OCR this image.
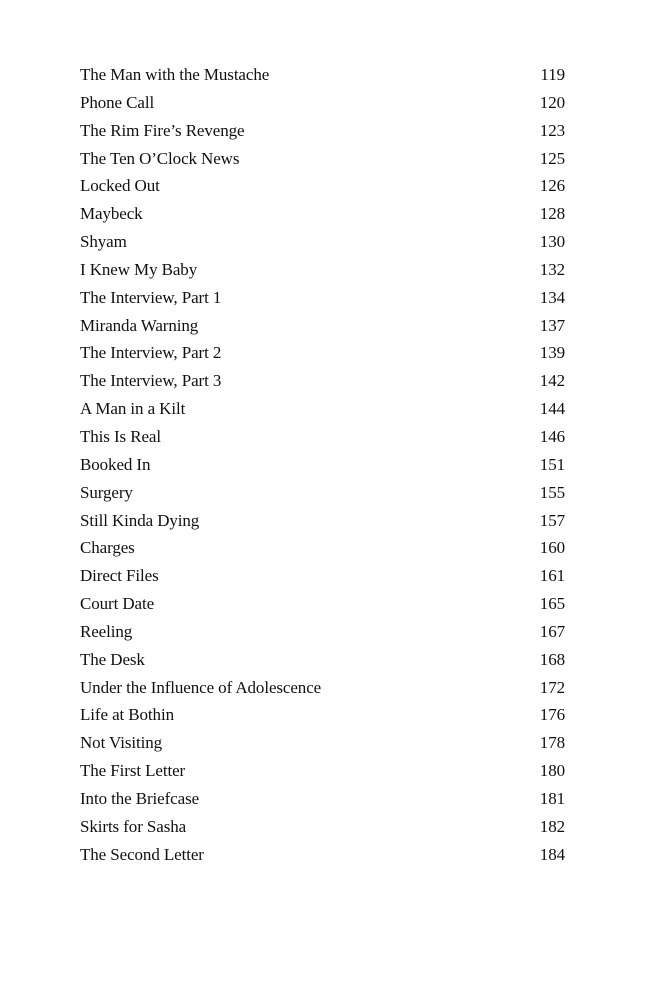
The Man with the Mustache	119
Phone Call	120
The Rim Fire’s Revenge	123
The Ten O’Clock News	125
Locked Out	126
Maybeck	128
Shyam	130
I Knew My Baby	132
The Interview, Part 1	134
Miranda Warning	137
The Interview, Part 2	139
The Interview, Part 3	142
A Man in a Kilt	144
This Is Real	146
Booked In	151
Surgery	155
Still Kinda Dying	157
Charges	160
Direct Files	161
Court Date	165
Reeling	167
The Desk	168
Under the Influence of Adolescence	172
Life at Bothin	176
Not Visiting	178
The First Letter	180
Into the Briefcase	181
Skirts for Sasha	182
The Second Letter	184
